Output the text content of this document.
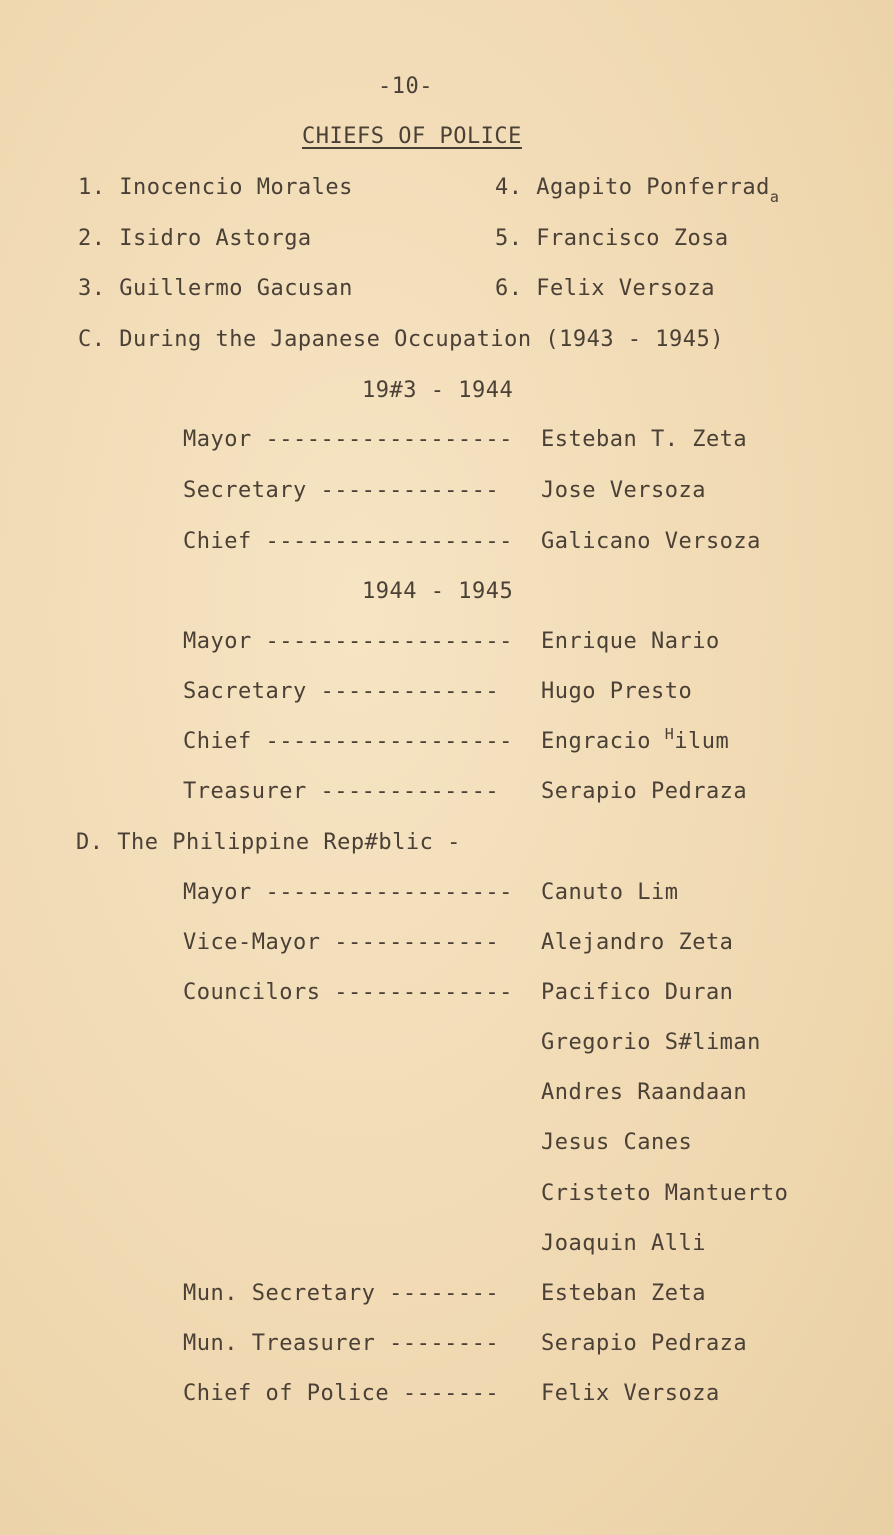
-10-
CHIEFS OF POLICE
1. Inocencio Morales
2. Isidro Astorga
3. Guillermo Gacusan
4. Agapito Ponferrad$_a$
5. Francisco Zosa
6. Felix Versoza
C. During the Japanese Occupation (1943 - 1945)
19#3 - 1944
Mayor ------------------ Esteban T. Zeta
Secretary ------------- Jose Versoza
Chief ------------------ Galicano Versoza
1944 - 1945
Mayor ------------------ Enrique Nario
Sacretary ------------- Hugo Presto
Chief ------------------ Engracio $^H$ilum
Treasurer ------------- Serapio Pedraza
D. The Philippine Rep#blic -
Mayor ------------------ Canuto Lim
Vice-Mayor ------------ Alejandro Zeta
Councilors ------------- Pacifico Duran
Gregorio S#liman
Andres Raandaan
Jesus Canes
Cristeto Mantuerto
Joaquin Alli
Mun. Secretary -------- Esteban Zeta
Mun. Treasurer -------- Serapio Pedraza
Chief of Police ------- Felix Versoza
